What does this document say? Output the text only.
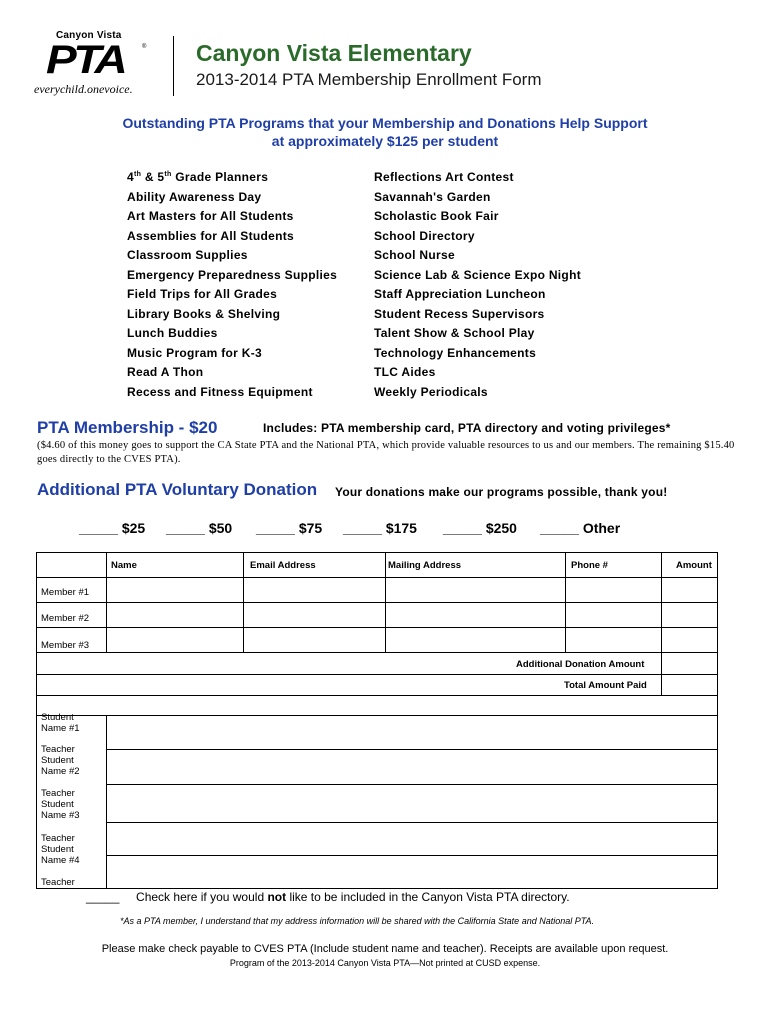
Canyon Vista
PTA	®
everychild.onevoice.
Canyon Vista Elementary
2013-2014 PTA Membership Enrollment Form
Outstanding PTA Programs that your Membership and Donations Help Support
at approximately $125 per student
4th & 5th Grade Planners
Ability Awareness Day
Art Masters for All Students
Assemblies for All Students
Classroom Supplies
Emergency Preparedness Supplies
Field Trips for All Grades
Library Books & Shelving
Lunch Buddies
Music Program for K-3
Read A Thon
Recess and Fitness Equipment
Reflections Art Contest
Savannah's Garden
Scholastic Book Fair
School Directory
School Nurse
Science Lab & Science Expo Night
Staff Appreciation Luncheon
Student Recess Supervisors
Talent Show & School Play
Technology Enhancements
TLC Aides
Weekly Periodicals
PTA Membership - $20	Includes: PTA membership card, PTA directory and voting privileges*
($4.60 of this money goes to support the CA State PTA and the National PTA, which provide valuable resources to us and our members. The remaining $15.40 goes directly to the CVES PTA).
Additional PTA Voluntary Donation Your donations make our programs possible, thank you!
_____ $25 _____ $50 _____ $75 _____ $175 _____ $250 _____ Other
Name	Email Address	Mailing Address	Phone #	Amount
Member #1
Member #2
Member #3
Additional Donation Amount
Total Amount Paid
Student
Name #1
Teacher
Student
Name #2
Teacher
Student
Name #3
Teacher
Student
Name #4
Teacher
_____ Check here if you would not like to be included in the Canyon Vista PTA directory.
*As a PTA member, I understand that my address information will be shared with the California State and National PTA.
Please make check payable to CVES PTA (Include student name and teacher). Receipts are available upon request.
Program of the 2013-2014 Canyon Vista PTA—Not printed at CUSD expense.
